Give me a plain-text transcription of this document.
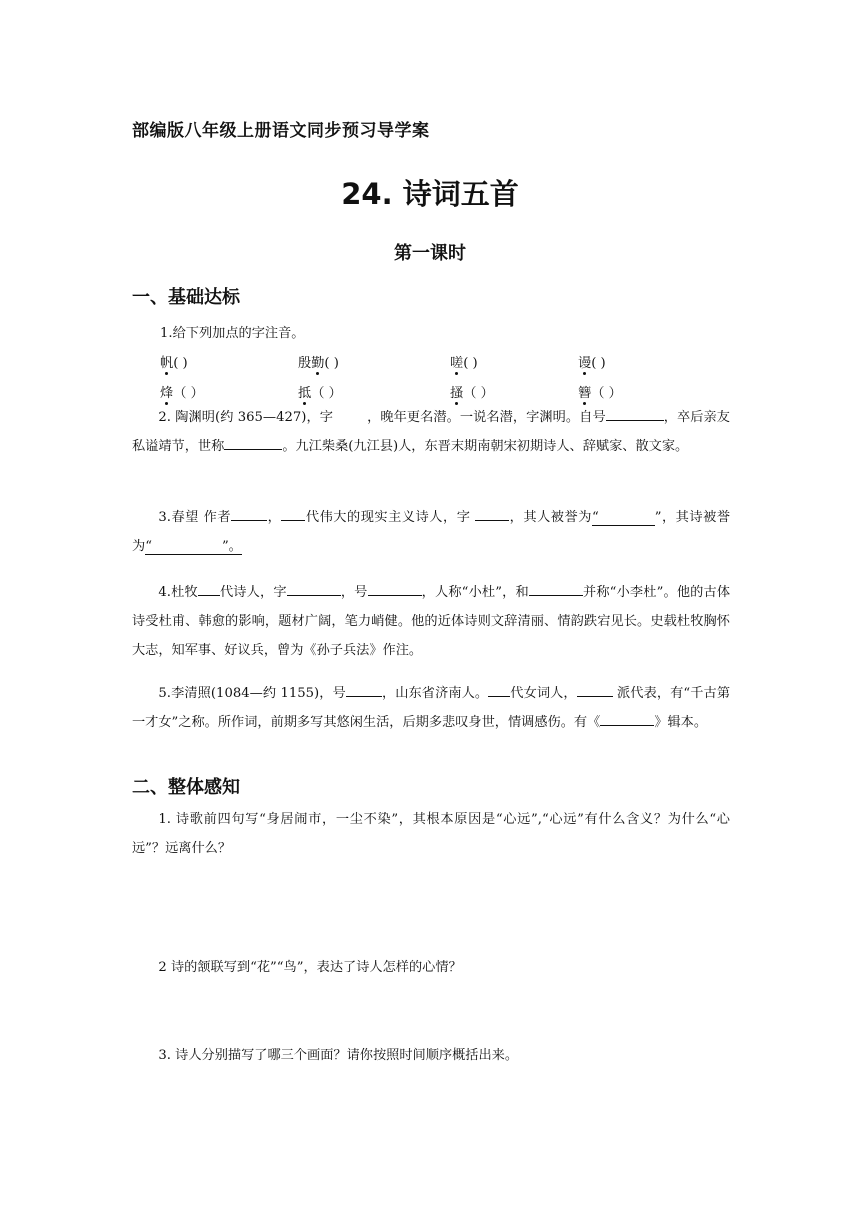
部编版八年级上册语文同步预习导学案
24. 诗词五首
第一课时
一、基础达标
1.给下列加点的字注音。
帆( )	殷勤( )	嗟( )	谩( )
烽（ ）	抵（ ）	搔（ ）	簪（ ）
2. 陶渊明(约 365—427)，字	，晚年更名潜。一说名潜，字渊明。自号	，卒后亲友私谥靖节，世称	。九江柴桑(九江县)人，东晋末期南朝宋初期诗人、辞赋家、散文家。
3.春望 作者	， 代伟大的现实主义诗人，字	，其人被誉为“	”，其诗被誉为“	”。
4.杜牧 代诗人，字	，号	，人称“小杜”，和	并称“小李杜”。他的古体诗受杜甫、韩愈的影响，题材广阔，笔力峭健。他的近体诗则文辞清丽、情韵跌宕见长。史载杜牧胸怀大志，知军事、好议兵，曾为《孙子兵法》作注。
5.李清照(1084—约 1155)，号	，山东省济南人。 代女词人，	派代表，有“千古第一才女”之称。所作词，前期多写其悠闲生活，后期多悲叹身世，情调感伤。有《	》辑本。
二、整体感知
1. 诗歌前四句写“身居闹市，一尘不染”，其根本原因是“心远”,“心远”有什么含义？为什么“心远”？远离什么？
2 诗的颔联写到“花”“鸟”，表达了诗人怎样的心情？
3. 诗人分别描写了哪三个画面？请你按照时间顺序概括出来。
